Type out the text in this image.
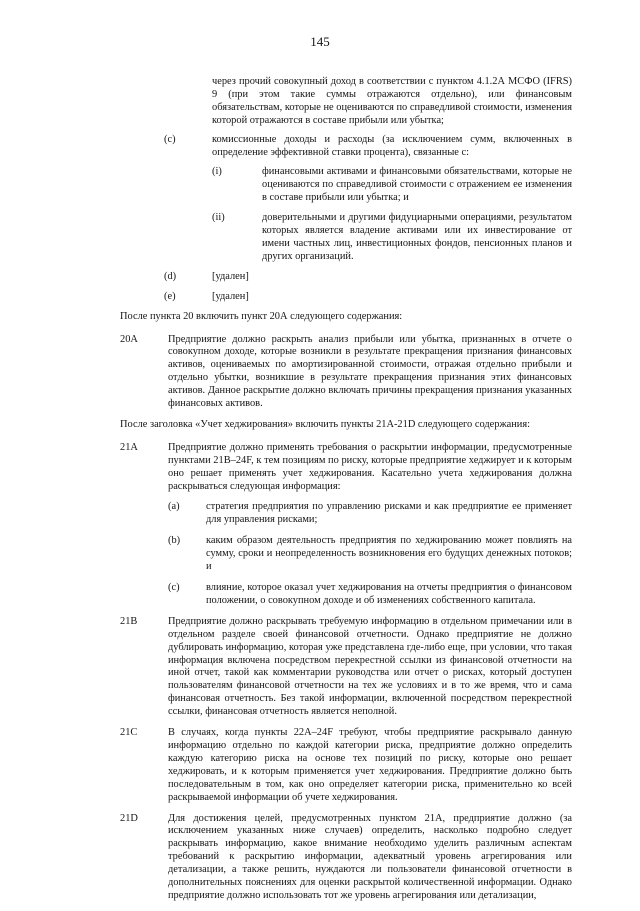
145

через прочий совокупный доход в соответствии с пунктом 4.1.2А МСФО (IFRS) 9 (при этом такие суммы отражаются отдельно), или финансовым обязательствам, которые не оцениваются по справедливой стоимости, изменения которой отражаются в составе прибыли или убытка;

(c)	комиссионные доходы и расходы (за исключением сумм, включенных в определение эффективной ставки процента), связанные с:
(i)	финансовыми активами и финансовыми обязательствами, которые не оцениваются по справедливой стоимости с отражением ее изменения в составе прибыли или убытка; и
(ii)	доверительными и другими фидуциарными операциями, результатом которых является владение активами или их инвестирование от имени частных лиц, инвестиционных фондов, пенсионных планов и других организаций.
(d)	[удален]
(e)	[удален]

После пункта 20 включить пункт 20А следующего содержания:

20A	Предприятие должно раскрыть анализ прибыли или убытка, признанных в отчете о совокупном доходе, которые возникли в результате прекращения признания финансовых активов, оцениваемых по амортизированной стоимости, отражая отдельно прибыли и отдельно убытки, возникшие в результате прекращения признания этих финансовых активов. Данное раскрытие должно включать причины прекращения признания указанных финансовых активов.

После заголовка «Учет хеджирования» включить пункты 21А-21D следующего содержания:

21A	Предприятие должно применять требования о раскрытии информации, предусмотренные пунктами 21B–24F, к тем позициям по риску, которые предприятие хеджирует и к которым оно решает применять учет хеджирования. Касательно учета хеджирования должна раскрываться следующая информация:
(a)	стратегия предприятия по управлению рисками и как предприятие ее применяет для управления рисками;
(b)	каким образом деятельность предприятия по хеджированию может повлиять на сумму, сроки и неопределенность возникновения его будущих денежных потоков; и
(c)	влияние, которое оказал учет хеджирования на отчеты предприятия о финансовом положении, о совокупном доходе и об изменениях собственного капитала.
21B	Предприятие должно раскрывать требуемую информацию в отдельном примечании или в отдельном разделе своей финансовой отчетности. Однако предприятие не должно дублировать информацию, которая уже представлена где-либо еще, при условии, что такая информация включена посредством перекрестной ссылки из финансовой отчетности на иной отчет, такой как комментарии руководства или отчет о рисках, который доступен пользователям финансовой отчетности на тех же условиях и в то же время, что и сама финансовая отчетность. Без такой информации, включенной посредством перекрестной ссылки, финансовая отчетность является неполной.
21C	В случаях, когда пункты 22А–24F требуют, чтобы предприятие раскрывало данную информацию отдельно по каждой категории риска, предприятие должно определить каждую категорию риска на основе тех позиций по риску, которые оно решает хеджировать, и к которым применяется учет хеджирования. Предприятие должно быть последовательным в том, как оно определяет категории риска, применительно ко всей раскрываемой информации об учете хеджирования.
21D	Для достижения целей, предусмотренных пунктом 21А, предприятие должно (за исключением указанных ниже случаев) определить, насколько подробно следует раскрывать информацию, какое внимание необходимо уделить различным аспектам требований к раскрытию информации, адекватный уровень агрегирования или детализации, а также решить, нуждаются ли пользователи финансовой отчетности в дополнительных пояснениях для оценки раскрытой количественной информации. Однако предприятие должно использовать тот же уровень агрегирования или детализации,
